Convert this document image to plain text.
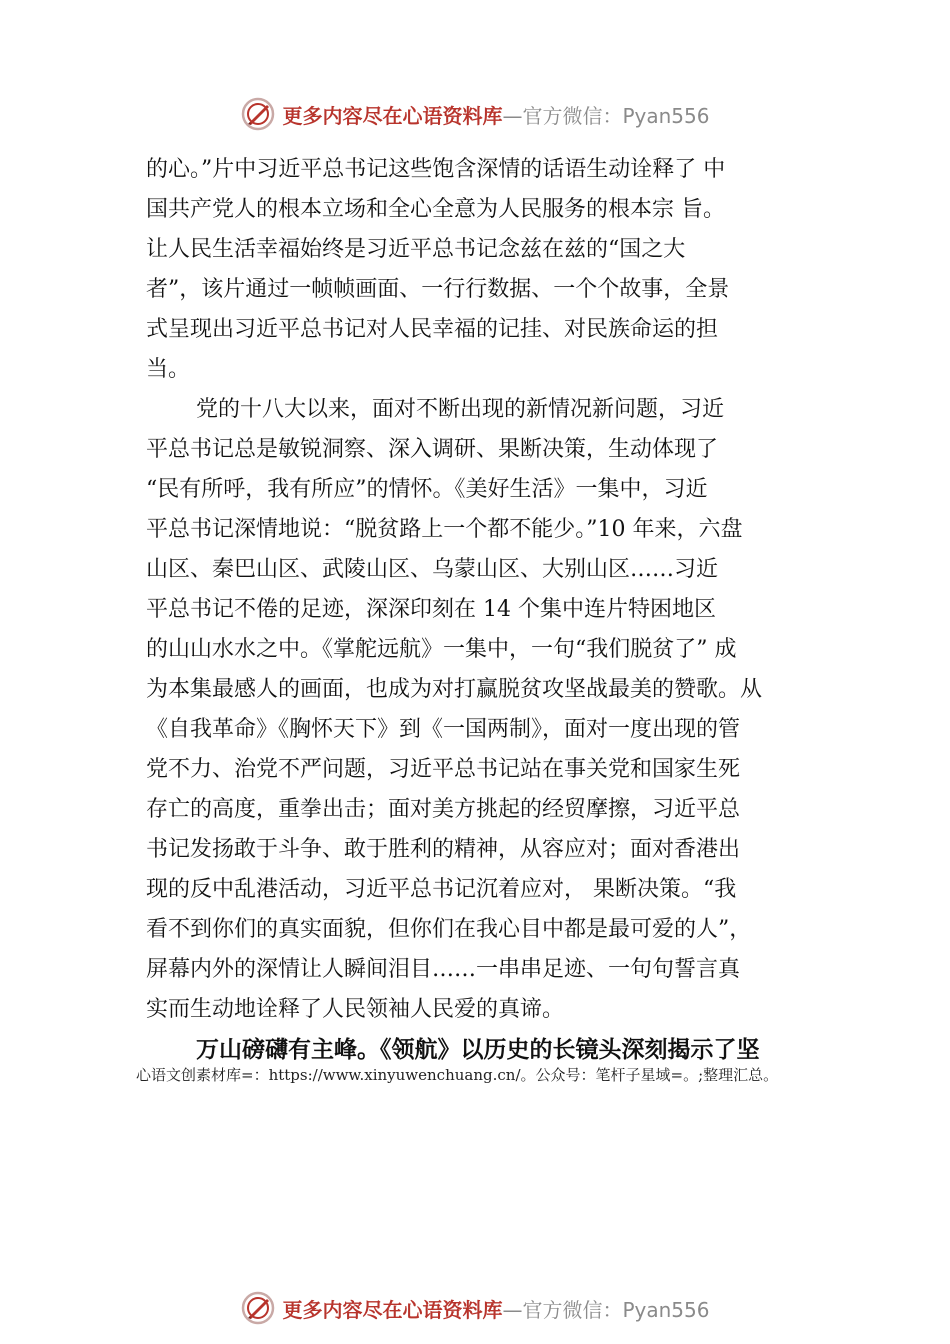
更多内容尽在心语资料库 —官方微信：Pyan556
的心。”片中习近平总书记这些饱含深情的话语生动诠释了 中
国共产党人的根本立场和全心全意为人民服务的根本宗 旨。
让人民生活幸福始终是习近平总书记念兹在兹的“国之大
者”，该片通过一帧帧画面、一行行数据、一个个故事，全景
式呈现出习近平总书记对人民幸福的记挂、对民族命运的担
当。
党的十八大以来，面对不断出现的新情况新问题，习近
平总书记总是敏锐洞察、深入调研、果断决策，生动体现了
“民有所呼，我有所应”的情怀。《美好生活》一集中，习近
平总书记深情地说：“脱贫路上一个都不能少。”10 年来，六盘
山区、秦巴山区、武陵山区、乌蒙山区、大别山区……习近
平总书记不倦的足迹，深深印刻在 14 个集中连片特困地区
的山山水水之中。《掌舵远航》一集中，一句“我们脱贫了” 成
为本集最感人的画面，也成为对打赢脱贫攻坚战最美的赞歌。从
《自我革命》《胸怀天下》到《一国两制》，面对一度出现的管
党不力、治党不严问题，习近平总书记站在事关党和国家生死
存亡的高度，重拳出击；面对美方挑起的经贸摩擦，习近平总
书记发扬敢于斗争、敢于胜利的精神，从容应对；面对香港出
现的反中乱港活动，习近平总书记沉着应对， 果断决策。“我
看不到你们的真实面貌，但你们在我心目中都是最可爱的人”，
屏幕内外的深情让人瞬间泪目……一串串足迹、一句句誓言真
实而生动地诠释了人民领袖人民爱的真谛。
万山磅礴有主峰。《领航》以历史的长镜头深刻揭示了坚
心语文创素材库=：https://www.xinyuwenchuang.cn/。公众号：笔杆子星域=。;整理汇总。
更多内容尽在心语资料库 —官方微信：Pyan556
